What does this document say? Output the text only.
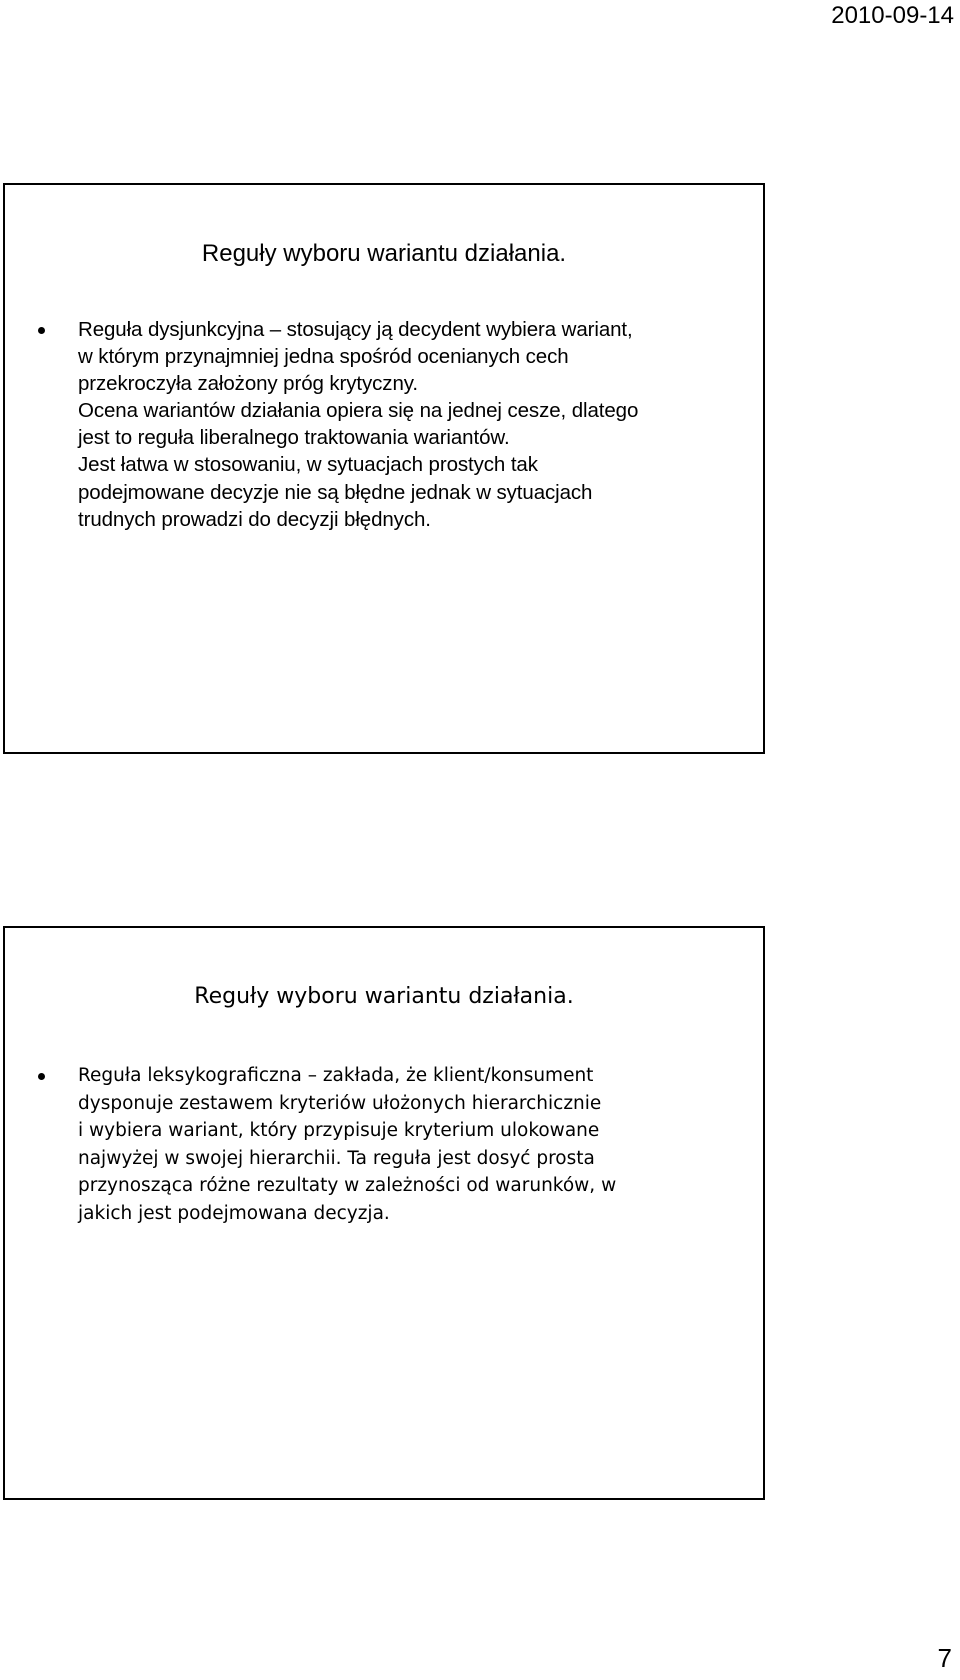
2010-09-14
Reguły wyboru wariantu działania.
Reguła dysjunkcyjna – stosujący ją decydent wybiera wariant,
w którym przynajmniej jedna spośród ocenianych cech
przekroczyła założony próg krytyczny.
Ocena wariantów działania opiera się na jednej cesze, dlatego
jest to reguła liberalnego traktowania wariantów.
Jest łatwa w stosowaniu, w sytuacjach prostych tak
podejmowane decyzje nie są błędne jednak w sytuacjach
trudnych prowadzi do decyzji błędnych.
Reguły wyboru wariantu działania.
Reguła leksykograficzna – zakłada, że klient/konsument
dysponuje zestawem kryteriów ułożonych hierarchicznie
i wybiera wariant, który przypisuje kryterium ulokowane
najwyżej w swojej hierarchii. Ta reguła jest dosyć prosta
przynosząca różne rezultaty w zależności od warunków, w
jakich jest podejmowana decyzja.
7
